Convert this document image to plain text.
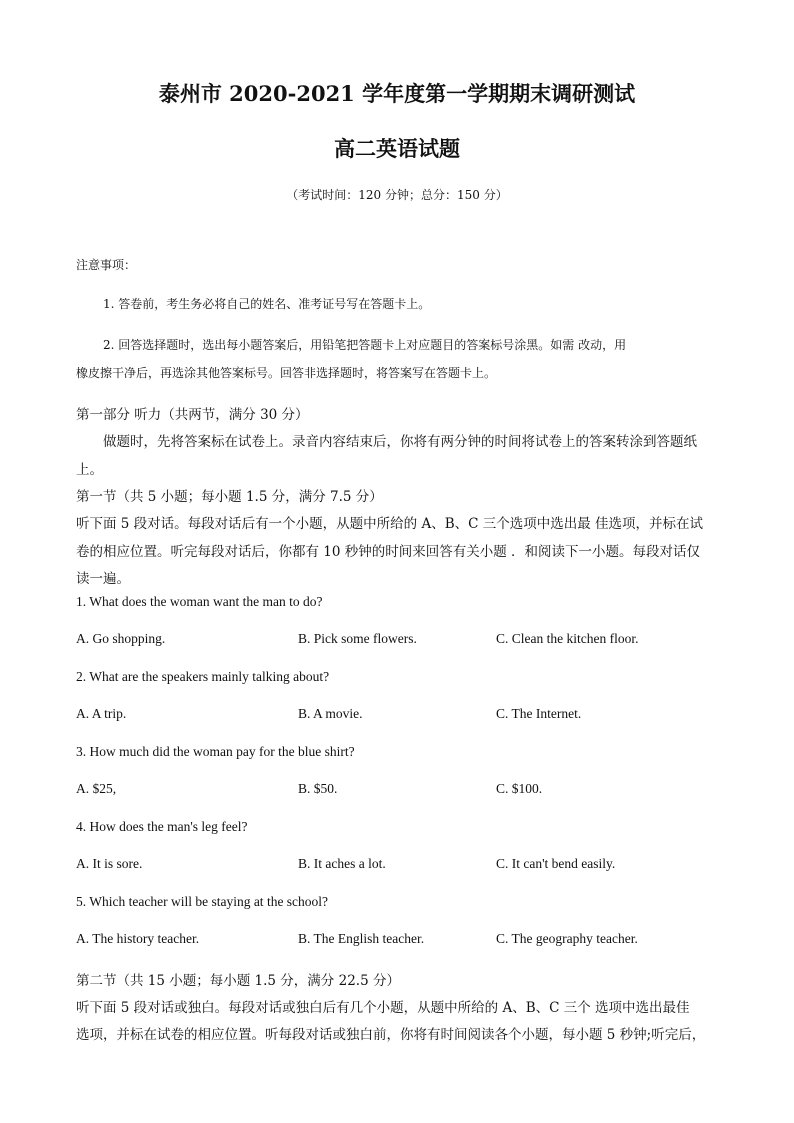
泰州市 2020-2021 学年度第一学期期末调研测试
高二英语试题
（考试时间：120 分钟；总分：150 分）
注意事项：
1. 答卷前，考生务必将自己的姓名、准考证号写在答题卡上。
2. 回答选择题时，选出每小题答案后，用铅笔把答题卡上对应题目的答案标号涂黑。如需 改动，用
橡皮擦干净后，再选涂其他答案标号。回答非选择题时，将答案写在答题卡上。
第一部分 听力（共两节，满分 30 分）
做题时，先将答案标在试卷上。录音内容结束后，你将有两分钟的时间将试卷上的答案转涂到答题纸
上。
第一节（共 5 小题；每小题 1.5 分，满分 7.5 分）
听下面 5 段对话。每段对话后有一个小题，从题中所给的 A、B、C 三个选项中选出最 佳选项，并标在试
卷的相应位置。听完每段对话后，你都有 10 秒钟的时间来回答有关小题 ．和阅读下一小题。每段对话仅
读一遍。
1. What does the woman want the man to do?
A. Go shopping.	B. Pick some flowers.	C. Clean the kitchen floor.
2. What are the speakers mainly talking about?
A. A trip.	B. A movie.	C. The Internet.
3. How much did the woman pay for the blue shirt?
A. $25,	B. $50.	C. $100.
4. How does the man's leg feel?
A. It is sore.	B. It aches a lot.	C. It can't bend easily.
5. Which teacher will be staying at the school?
A. The history teacher.	B. The English teacher.	C. The geography teacher.
第二节（共 15 小题；每小题 1.5 分，满分 22.5 分）
听下面 5 段对话或独白。每段对话或独白后有几个小题，从题中所给的 A、B、C 三个 选项中选出最佳
选项，并标在试卷的相应位置。听每段对话或独白前，你将有时间阅读各个小题，每小题 5 秒钟;听完后，
